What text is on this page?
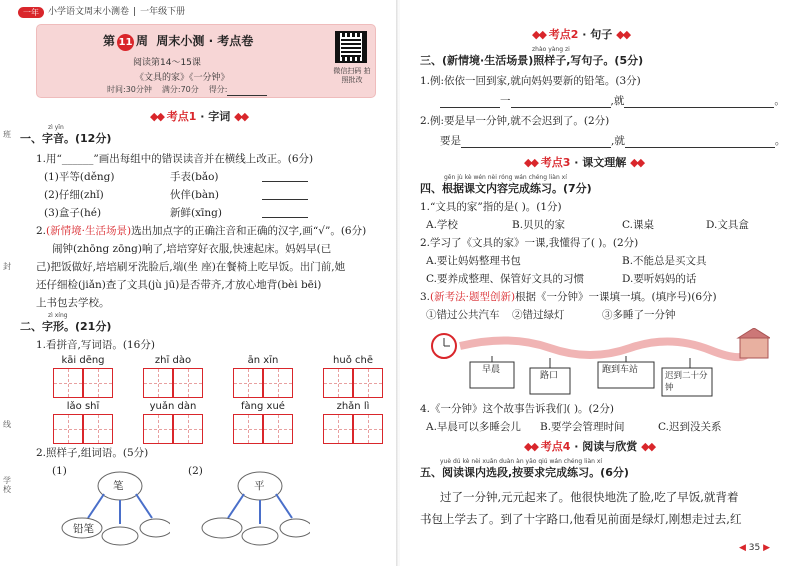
一年	小学语文周末小测卷 | 一年级下册
班
封
线
学校
第 11 周 周末小测 · 考点卷
阅读第14～15课
《文具的家》《一分钟》
时间:30分钟 满分:70分 得分:
微信扫码 拍照批改
◆◆ 考点1 · 字词 ◆◆
zì yīn
一、字音。(12分)
1.用“______”画出每组中的错误读音并在横线上改正。(6分)
(1)平等(děng)	手表(bǎo)
(2)仔细(zhǐ)	伙伴(bàn)
(3)盒子(hé)	新鲜(xīng)
2.(新情境·生活场景)选出加点字的正确注音和正确的汉字,画“√”。(6分)
闹钟(zhōng zōng)响了,培培穿好衣服,快速起床。妈妈早(已
己)把饭做好,培培刷牙洗脸后,端(坐 座)在餐椅上吃早饭。出门前,她
还仔细检(jiǎn)查了文具(jù jū)是否带齐,才放心地背(bèi bēi)
上书包去学校。
zì xíng
二、字形。(21分)
1.看拼音,写词语。(16分)
kāi dēng	zhī dào	ān xīn	huǒ chē
lǎo shī	yuǎn dàn	fàng xué	zhǎn lì
2.照样子,组词语。(5分)
(1)
笔
铅笔
(2)
平
◆◆ 考点2 · 句子 ◆◆
zhào yàng zi
三、(新情境·生活场景)照样子,写句子。(5分)
1.例:依依一回到家,就向妈妈要新的铅笔。(3分)
一	,就	。
2.例:要是早一分钟,就不会迟到了。(2分)
要是	,就	。
◆◆ 考点3 · 课文理解 ◆◆
gēn jù kè wén nèi róng wán chéng liàn xí
四、根据课文内容完成练习。(7分)
1.“文具的家”指的是( )。(1分)
A.学校	B.贝贝的家	C.课桌	D.文具盒
2.学习了《文具的家》一课,我懂得了( )。(2分)
A.要让妈妈整理书包	B.不能总是买文具
C.要养成整理、保管好文具的习惯	D.要听妈妈的话
3.(新考法·题型创新)根据《一分钟》一课填一填。(填序号)(6分)
①错过公共汽车 ②错过绿灯	③多睡了一分钟
早晨
路口
跑到车站
迟到二十分钟
4.《一分钟》这个故事告诉我们( )。(2分)
A.早晨可以多睡会儿 B.要学会管理时间	C.迟到没关系
◆◆ 考点4 · 阅读与欣赏 ◆◆
yuè dú kè nèi xuǎn duàn àn yāo qiú wán chéng liàn xí
五、阅读课内选段,按要求完成练习。(6分)
过了一分钟,元元起来了。他很快地洗了脸,吃了早饭,就背着
书包上学去了。到了十字路口,他看见前面是绿灯,刚想走过去,红
◀ 35 ▶
